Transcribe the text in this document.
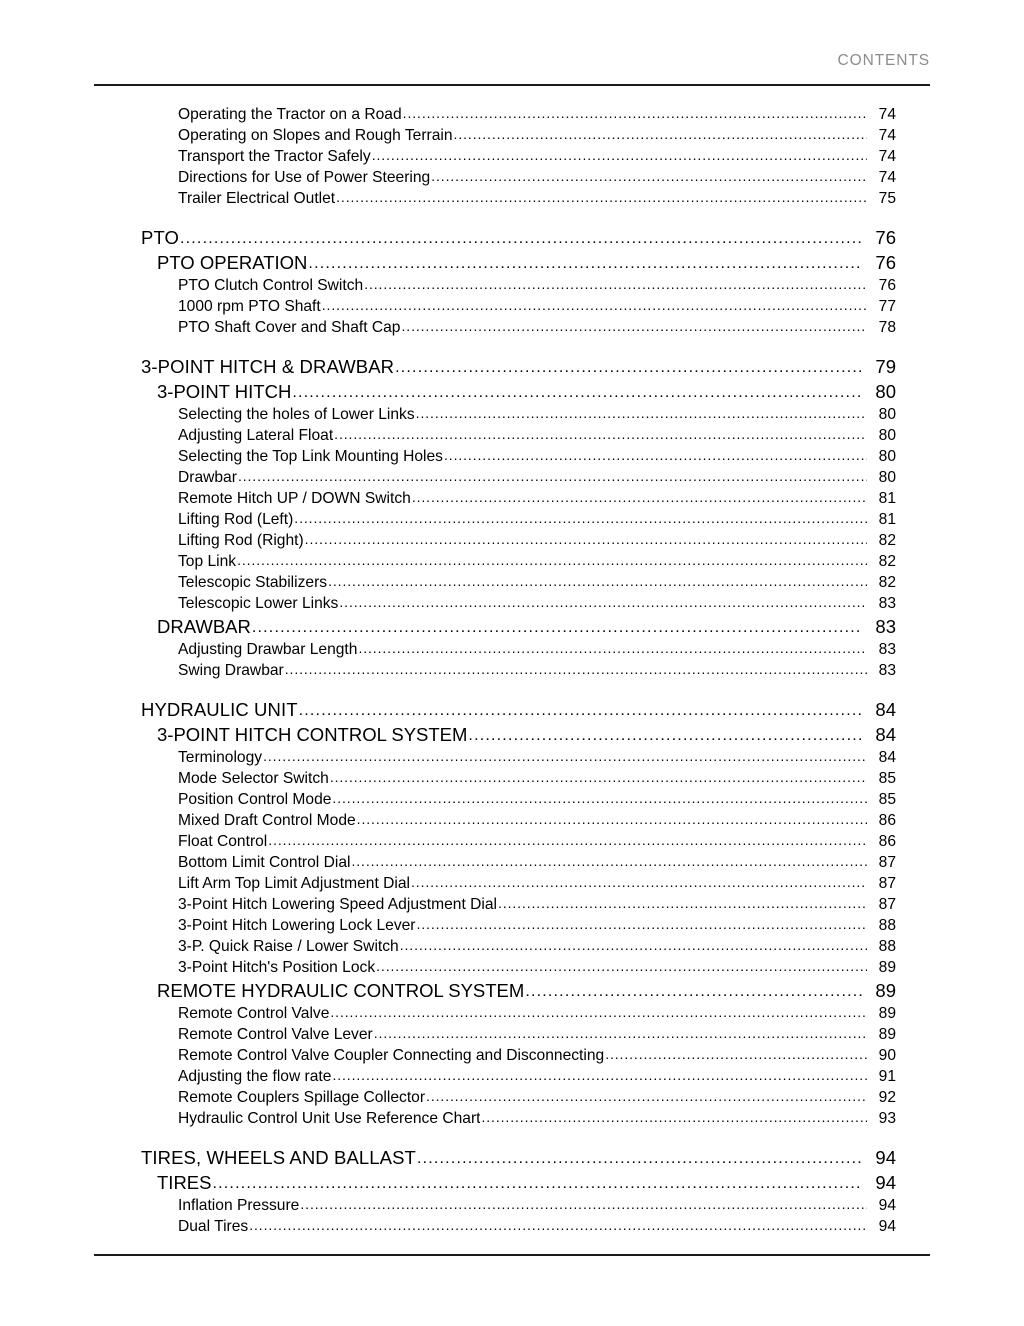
CONTENTS
Operating the Tractor on a Road .....	74
Operating on Slopes and Rough Terrain .....	74
Transport the Tractor Safely .....	74
Directions for Use of Power Steering .....	74
Trailer Electrical Outlet .....	75
PTO .....	76
PTO OPERATION .....	76
PTO Clutch Control Switch .....	76
1000 rpm PTO Shaft .....	77
PTO Shaft Cover and Shaft Cap .....	78
3-POINT HITCH & DRAWBAR .....	79
3-POINT HITCH .....	80
Selecting the holes of Lower Links .....	80
Adjusting Lateral Float .....	80
Selecting the Top Link Mounting Holes .....	80
Drawbar .....	80
Remote Hitch UP / DOWN Switch .....	81
Lifting Rod (Left) .....	81
Lifting Rod (Right) .....	82
Top Link .....	82
Telescopic Stabilizers .....	82
Telescopic Lower Links .....	83
DRAWBAR .....	83
Adjusting Drawbar Length .....	83
Swing Drawbar .....	83
HYDRAULIC UNIT .....	84
3-POINT HITCH CONTROL SYSTEM .....	84
Terminology .....	84
Mode Selector Switch .....	85
Position Control Mode .....	85
Mixed Draft Control Mode .....	86
Float Control .....	86
Bottom Limit Control Dial .....	87
Lift Arm Top Limit Adjustment Dial .....	87
3-Point Hitch Lowering Speed Adjustment Dial .....	87
3-Point Hitch Lowering Lock Lever .....	88
3-P. Quick Raise / Lower Switch .....	88
3-Point Hitch's Position Lock .....	89
REMOTE HYDRAULIC CONTROL SYSTEM .....	89
Remote Control Valve .....	89
Remote Control Valve Lever .....	89
Remote Control Valve Coupler Connecting and Disconnecting .....	90
Adjusting the flow rate .....	91
Remote Couplers Spillage Collector .....	92
Hydraulic Control Unit Use Reference Chart .....	93
TIRES, WHEELS AND BALLAST .....	94
TIRES .....	94
Inflation Pressure .....	94
Dual Tires .....	94
